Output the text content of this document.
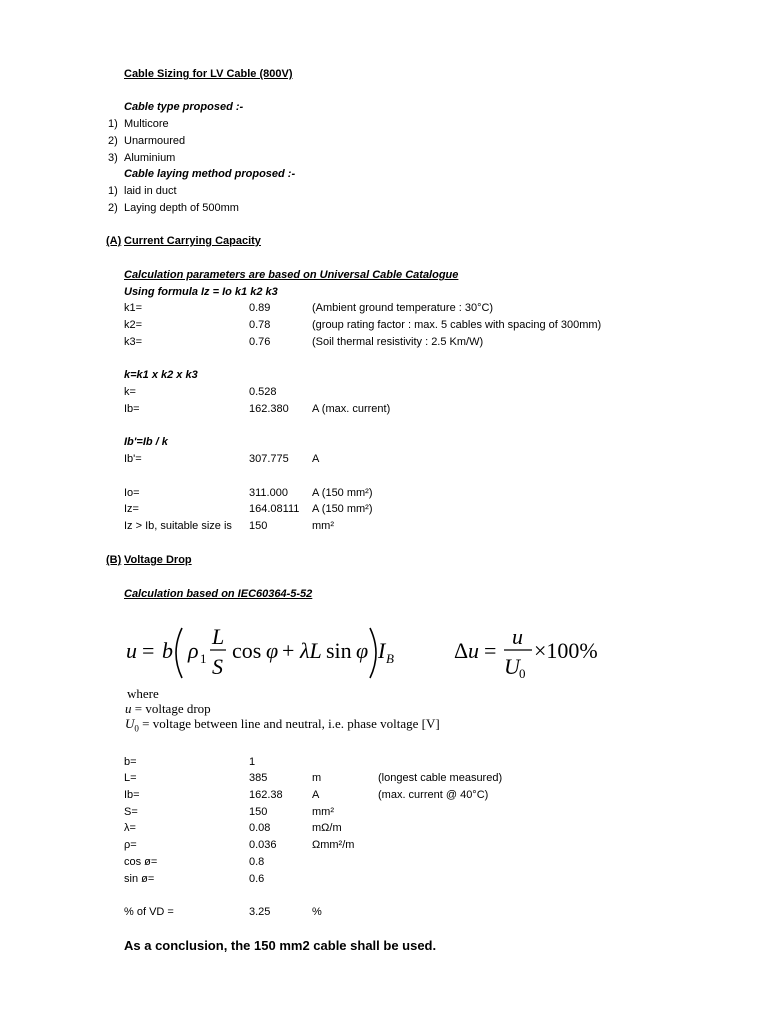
Cable Sizing for LV Cable (800V)
Cable type proposed :-
1) Multicore
2) Unarmoured
3) Aluminium
Cable laying method proposed :-
1) laid in duct
2) Laying depth of 500mm
(A) Current Carrying Capacity
Calculation parameters are based on Universal Cable Catalogue
Using formula Iz = Io k1 k2 k3
k1=	0.89	(Ambient ground temperature : 30°C)
k2=	0.78	(group rating factor : max. 5 cables with spacing of 300mm)
k3=	0.76	(Soil thermal resistivity : 2.5 Km/W)
k=k1 x k2 x k3
k=	0.528
Ib=	162.380 A (max. current)
Ib'=Ib / k
Ib'=	307.775 A
Io=	311.000 A (150 mm²)
Iz=	164.08111 A (150 mm²)
Iz > Ib, suitable size is 150	mm²
(B) Voltage Drop
Calculation based on IEC60364-5-52
u = b ρ 1
L
S
cos φ + λL sin φ I B	Δ u =
u
U 0
×100%
where
u = voltage drop
$U_0$ = voltage between line and neutral, i.e. phase voltage [V]
b=	1
L=	385	m	(longest cable measured)
Ib=	162.38	A	(max. current @ 40°C)
S=	150	mm²
λ=	0.08	mΩ/m
ρ=	0.036	Ωmm²/m
cos ø=	0.8
sin ø=	0.6
% of VD =	3.25	%
As a conclusion, the 150 mm2 cable shall be used.
